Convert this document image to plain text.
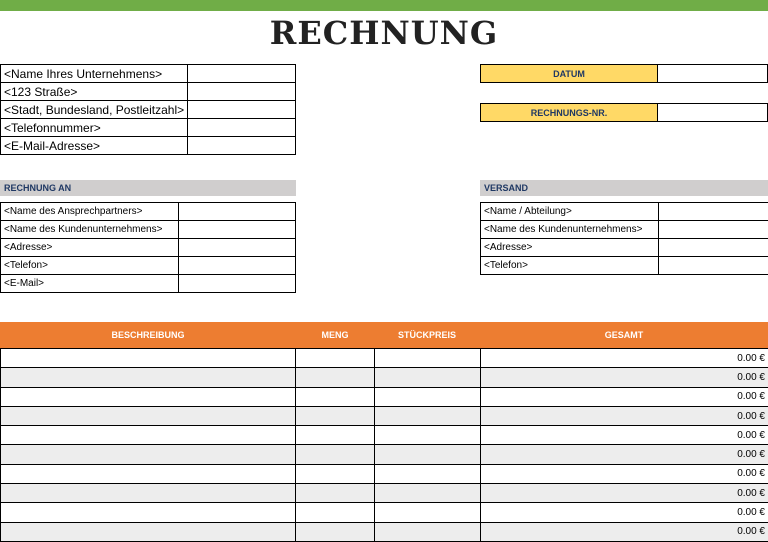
RECHNUNG
<Name Ihres Unternehmens>	
<123 Straße>	
<Stadt, Bundesland, Postleitzahl>	
<Telefonnummer>	
<E-Mail-Adresse>	
DATUM
RECHNUNGS-NR.
RECHNUNG AN
<Name des Ansprechpartners>	
<Name des Kundenunternehmens>	
<Adresse>	
<Telefon>	
<E-Mail>	
VERSAND
<Name / Abteilung>	
<Name des Kundenunternehmens>	
<Adresse>	
<Telefon>	
BESCHREIBUNG	MENG	STÜCKPREIS	GESAMT
			0.00 €
			0.00 €
			0.00 €
			0.00 €
			0.00 €
			0.00 €
			0.00 €
			0.00 €
			0.00 €
			0.00 €
